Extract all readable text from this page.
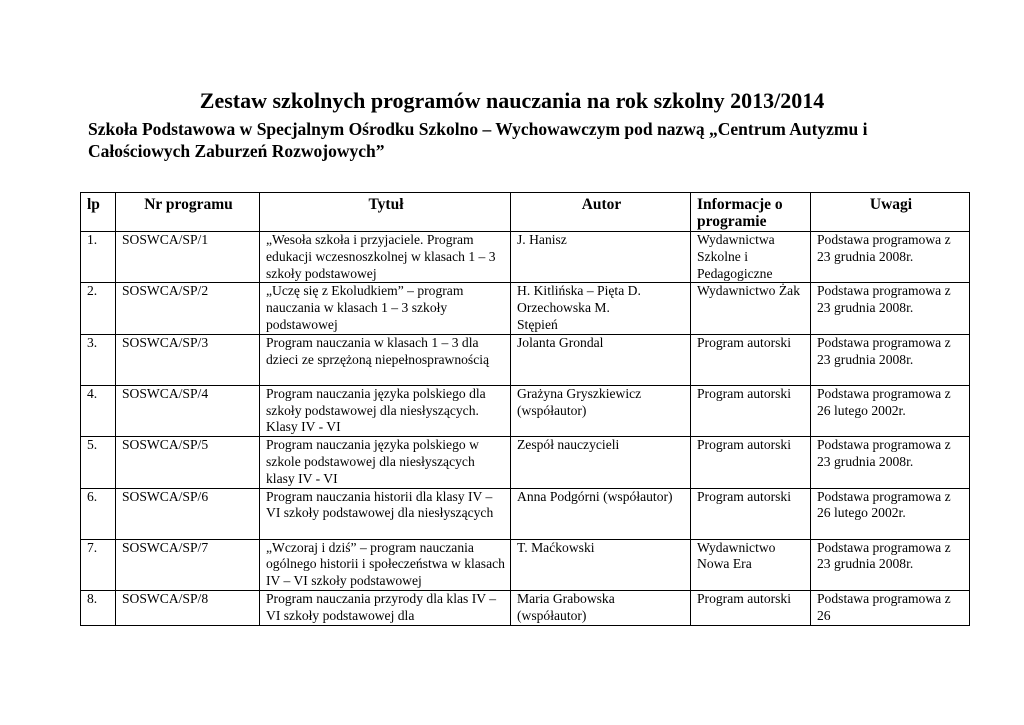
Zestaw szkolnych programów nauczania na rok szkolny 2013/2014

Szkoła Podstawowa w Specjalnym Ośrodku Szkolno – Wychowawczym pod nazwą „Centrum Autyzmu i Całościowych Zaburzeń Rozwojowych”

lp	Nr programu	Tytuł	Autor	Informacje o programie	Uwagi
1.	SOSWCA/SP/1	„Wesoła szkoła i przyjaciele. Program edukacji wczesnoszkolnej w klasach 1 – 3 szkoły podstawowej	J. Hanisz	Wydawnictwa Szkolne i Pedagogiczne	Podstawa programowa z 23 grudnia 2008r.
2.	SOSWCA/SP/2	„Uczę się z Ekoludkiem” – program nauczania w klasach 1 – 3 szkoły podstawowej	H. Kitlińska – Pięta D. Orzechowska M. Stępień	Wydawnictwo Żak	Podstawa programowa z 23 grudnia 2008r.
3.	SOSWCA/SP/3	Program nauczania w klasach 1 – 3 dla dzieci ze sprzężoną niepełnosprawnością	Jolanta Grondal	Program autorski	Podstawa programowa z 23 grudnia 2008r.
4.	SOSWCA/SP/4	Program nauczania języka polskiego dla szkoły podstawowej dla niesłyszących. Klasy IV - VI	Grażyna Gryszkiewicz (współautor)	Program autorski	Podstawa programowa z 26 lutego 2002r.
5.	SOSWCA/SP/5	Program nauczania języka polskiego w szkole podstawowej dla niesłyszących klasy IV - VI	Zespół nauczycieli	Program autorski	Podstawa programowa z 23 grudnia 2008r.
6.	SOSWCA/SP/6	Program nauczania historii dla klasy IV – VI szkoły podstawowej dla niesłyszących	Anna Podgórni (współautor)	Program autorski	Podstawa programowa z 26 lutego 2002r.
7.	SOSWCA/SP/7	„Wczoraj i dziś” – program nauczania ogólnego historii i społeczeństwa w klasach IV – VI szkoły podstawowej	T. Maćkowski	Wydawnictwo Nowa Era	Podstawa programowa z 23 grudnia 2008r.
8.	SOSWCA/SP/8	Program nauczania przyrody dla klas IV – VI szkoły podstawowej dla	Maria Grabowska (współautor)	Program autorski	Podstawa programowa z 26
